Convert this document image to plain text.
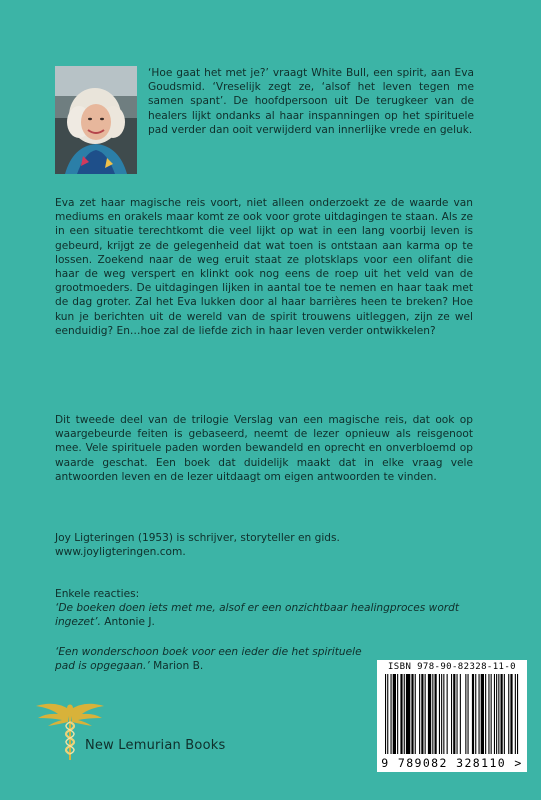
‘Hoe gaat het met je?’ vraagt White Bull, een spirit, aan Eva Goudsmid. ‘Vreselijk zegt ze, ‘alsof het leven tegen me samen spant’. De hoofdpersoon uit De terugkeer van de healers lijkt ondanks al haar inspanningen op het spirituele pad verder dan ooit verwijderd van innerlijke vrede en geluk.

Eva zet haar magische reis voort, niet alleen onderzoekt ze de waarde van mediums en orakels maar komt ze ook voor grote uitdagingen te staan. Als ze in een situatie terechtkomt die veel lijkt op wat in een lang voorbij leven is gebeurd, krijgt ze de gelegenheid dat wat toen is ontstaan aan karma op te lossen. Zoekend naar de weg eruit staat ze plotsklaps voor een olifant die haar de weg verspert en klinkt ook nog eens de roep uit het veld van de grootmoeders. De uitdagingen lijken in aantal toe te nemen en haar taak met de dag groter. Zal het Eva lukken door al haar barrières heen te breken? Hoe kun je berichten uit de wereld van de spirit trouwens uitleggen, zijn ze wel eenduidig? En…hoe zal de liefde zich in haar leven verder ontwikkelen?

Dit tweede deel van de trilogie Verslag van een magische reis, dat ook op waargebeurde feiten is gebaseerd, neemt de lezer opnieuw als reisgenoot mee. Vele spirituele paden worden bewandeld en oprecht en onverbloemd op waarde geschat. Een boek dat duidelijk maakt dat in elke vraag vele antwoorden leven en de lezer uitdaagt om eigen antwoorden te vinden.

Joy Ligteringen (1953) is schrijver, storyteller en gids.
www.joyligteringen.com.

Enkele reacties:

‘De boeken doen iets met me, alsof er een onzichtbaar healingproces wordt ingezet’. Antonie J.

‘Een wonderschoon boek voor een ieder die het spirituele pad is opgegaan.’ Marion B.

New Lemurian Books
ISBN 978-90-82328-11-0
9 789082 328110 >
